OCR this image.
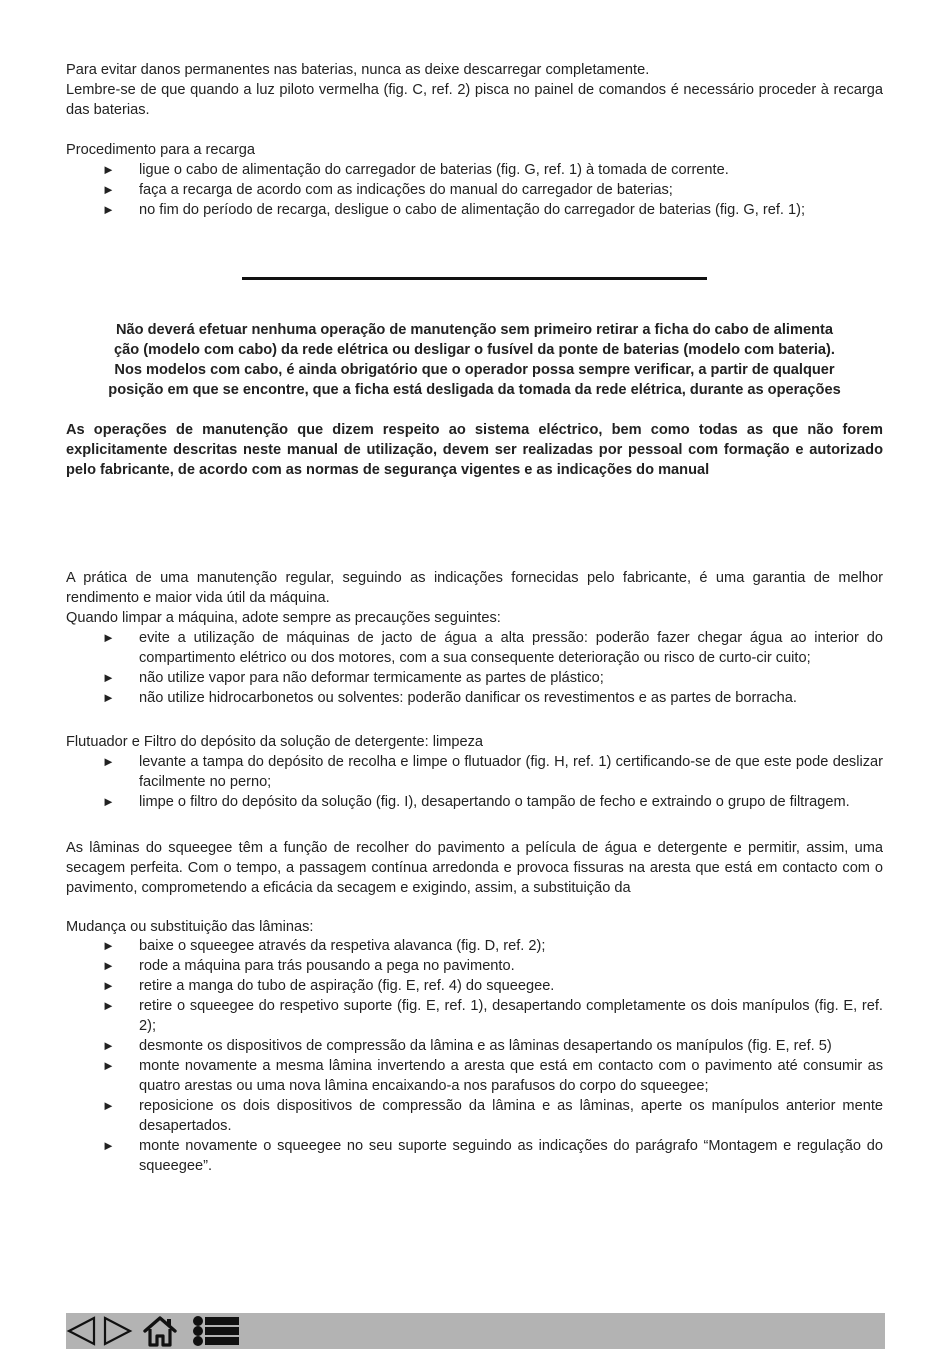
Para evitar danos permanentes nas baterias, nunca as deixe descarregar completamente.

Lembre-se de que quando a luz piloto vermelha (fig. C, ref. 2) pisca no painel de comandos é necessário proceder à recarga das baterias.

Procedimento para a recarga

► ligue o cabo de alimentação do carregador de baterias (fig. G, ref. 1) à tomada de corrente.
► faça a recarga de acordo com as indicações do manual do carregador de baterias;
► no fim do período de recarga, desligue o cabo de alimentação do carregador de baterias (fig. G, ref. 1);

Não deverá efetuar nenhuma operação de manutenção sem primeiro retirar a ficha do cabo de alimenta

ção (modelo com cabo) da rede elétrica ou desligar o fusível da ponte de baterias (modelo com bateria).

Nos modelos com cabo, é ainda obrigatório que o operador possa sempre verificar, a partir de qualquer

posição em que se encontre, que a ficha está desligada da tomada da rede elétrica, durante as operações

As operações de manutenção que dizem respeito ao sistema eléctrico, bem como todas as que não forem explicitamente descritas neste manual de utilização, devem ser realizadas por pessoal com formação e autorizado pelo fabricante, de acordo com as normas de segurança vigentes e as indicações do manual

A prática de uma manutenção regular, seguindo as indicações fornecidas pelo fabricante, é uma garantia de melhor rendimento e maior vida útil da máquina.

Quando limpar a máquina, adote sempre as precauções seguintes:

► evite a utilização de máquinas de jacto de água a alta pressão: poderão fazer chegar água ao interior do compartimento elétrico ou dos motores, com a sua consequente deterioração ou risco de curto-cir cuito;
► não utilize vapor para não deformar termicamente as partes de plástico;
► não utilize hidrocarbonetos ou solventes: poderão danificar os revestimentos e as partes de borracha.

Flutuador e Filtro do depósito da solução de detergente: limpeza

► levante a tampa do depósito de recolha e limpe o flutuador (fig. H, ref. 1) certificando-se de que este pode deslizar facilmente no perno;
► limpe o filtro do depósito da solução (fig. I), desapertando o tampão de fecho e extraindo o grupo de filtragem.

As lâminas do squeegee têm a função de recolher do pavimento a película de água e detergente e permitir, assim, uma secagem perfeita. Com o tempo, a passagem contínua arredonda e provoca fissuras na aresta que está em contacto com o pavimento, comprometendo a eficácia da secagem e exigindo, assim, a substituição da

Mudança ou substituição das lâminas:

► baixe o squeegee através da respetiva alavanca (fig. D, ref. 2);
► rode a máquina para trás pousando a pega no pavimento.
► retire a manga do tubo de aspiração (fig. E, ref. 4) do squeegee.
► retire o squeegee do respetivo suporte (fig. E, ref. 1), desapertando completamente os dois manípulos (fig. E, ref. 2);
► desmonte os dispositivos de compressão da lâmina e as lâminas desapertando os manípulos (fig. E, ref. 5)
► monte novamente a mesma lâmina invertendo a aresta que está em contacto com o pavimento até consumir as quatro arestas ou uma nova lâmina encaixando-a nos parafusos do corpo do squeegee;
► reposicione os dois dispositivos de compressão da lâmina e as lâminas, aperte os manípulos anterior mente desapertados.
► monte novamente o squeegee no seu suporte seguindo as indicações do parágrafo “Montagem e regulação do squeegee”.
